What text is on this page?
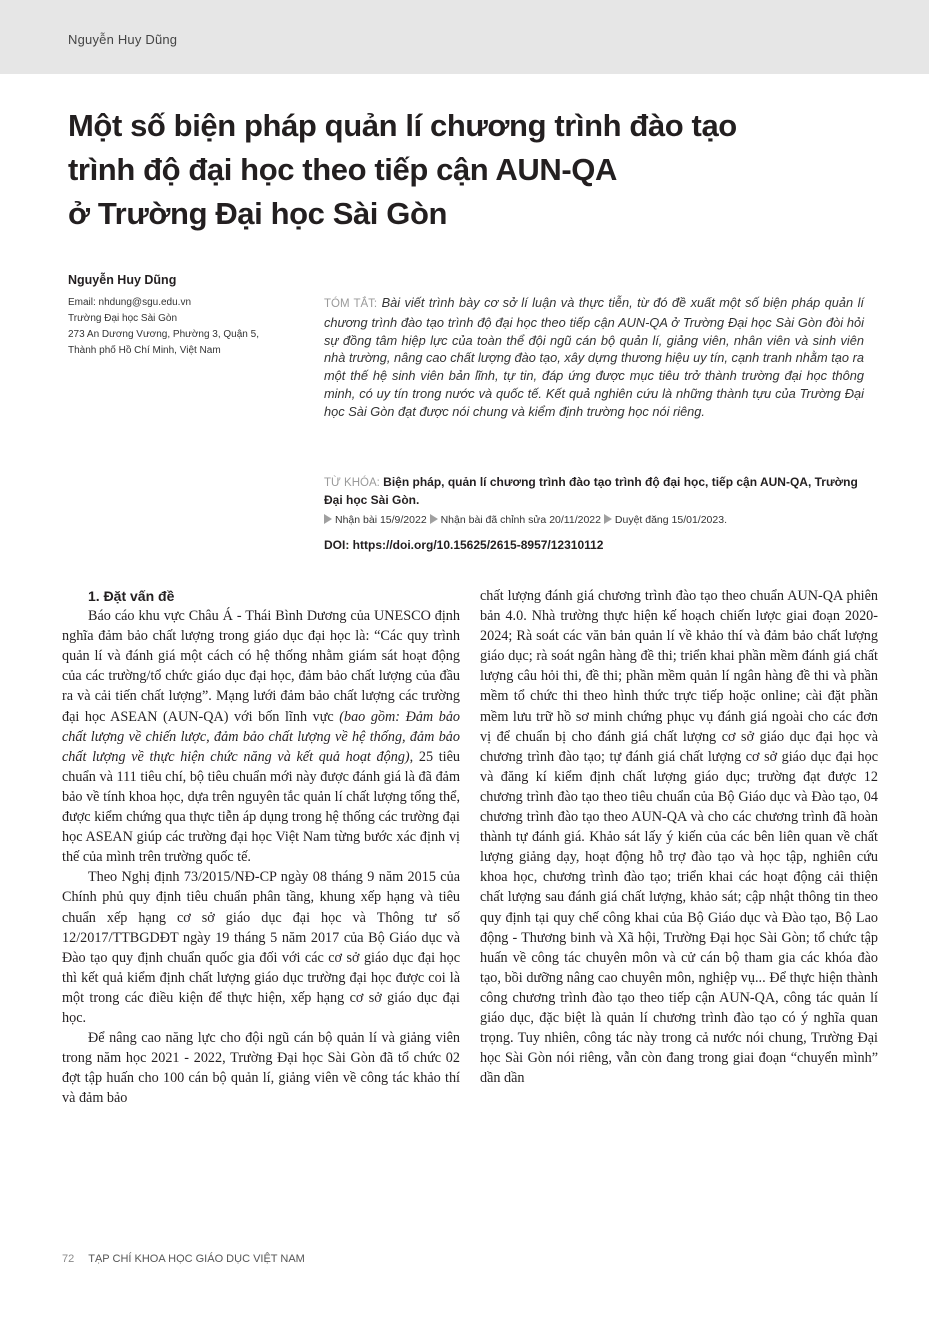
Nguyễn Huy Dũng
Một số biện pháp quản lí chương trình đào tạo
trình độ đại học theo tiếp cận AUN-QA
ở Trường Đại học Sài Gòn
Nguyễn Huy Dũng
Email: nhdung@sgu.edu.vn
Trường Đại học Sài Gòn
273 An Dương Vương, Phường 3, Quận 5,
Thành phố Hồ Chí Minh, Việt Nam
TÓM TẮT: Bài viết trình bày cơ sở lí luận và thực tiễn, từ đó đề xuất một số biện pháp quản lí chương trình đào tạo trình độ đại học theo tiếp cận AUN-QA ở Trường Đại học Sài Gòn đòi hỏi sự đồng tâm hiệp lực của toàn thể đội ngũ cán bộ quản lí, giảng viên, nhân viên và sinh viên nhà trường, nâng cao chất lượng đào tạo, xây dựng thương hiệu uy tín, cạnh tranh nhằm tạo ra một thế hệ sinh viên bản lĩnh, tự tin, đáp ứng được mục tiêu trở thành trường đại học thông minh, có uy tín trong nước và quốc tế. Kết quả nghiên cứu là những thành tựu của Trường Đại học Sài Gòn đạt được nói chung và kiểm định trường học nói riêng.
TỪ KHÓA: Biện pháp, quản lí chương trình đào tạo trình độ đại học, tiếp cận AUN-QA, Trường Đại học Sài Gòn.
Nhận bài 15/9/2022 Nhận bài đã chỉnh sửa 20/11/2022 Duyệt đăng 15/01/2023.
DOI: https://doi.org/10.15625/2615-8957/12310112
1. Đặt vấn đề

Báo cáo khu vực Châu Á - Thái Bình Dương của UNESCO định nghĩa đảm bảo chất lượng trong giáo dục đại học là: “Các quy trình quản lí và đánh giá một cách có hệ thống nhằm giám sát hoạt động của các trường/tổ chức giáo dục đại học, đảm bảo chất lượng của đầu ra và cải tiến chất lượng”. Mạng lưới đảm bảo chất lượng các trường đại học ASEAN (AUN-QA) với bốn lĩnh vực (bao gồm: Đảm bảo chất lượng về chiến lược, đảm bảo chất lượng về hệ thống, đảm bảo chất lượng về thực hiện chức năng và kết quả hoạt động), 25 tiêu chuẩn và 111 tiêu chí, bộ tiêu chuẩn mới này được đánh giá là đã đảm bảo về tính khoa học, dựa trên nguyên tắc quản lí chất lượng tổng thể, được kiểm chứng qua thực tiễn áp dụng trong hệ thống các trường đại học ASEAN giúp các trường đại học Việt Nam từng bước xác định vị thế của mình trên trường quốc tế.

Theo Nghị định 73/2015/NĐ-CP ngày 08 tháng 9 năm 2015 của Chính phủ quy định tiêu chuẩn phân tầng, khung xếp hạng và tiêu chuẩn xếp hạng cơ sở giáo dục đại học và Thông tư số 12/2017/TTBGDĐT ngày 19 tháng 5 năm 2017 của Bộ Giáo dục và Đào tạo quy định chuẩn quốc gia đối với các cơ sở giáo dục đại học thì kết quả kiểm định chất lượng giáo dục trường đại học được coi là một trong các điều kiện để thực hiện, xếp hạng cơ sở giáo dục đại học.

Để nâng cao năng lực cho đội ngũ cán bộ quản lí và giảng viên trong năm học 2021 - 2022, Trường Đại học Sài Gòn đã tổ chức 02 đợt tập huấn cho 100 cán bộ quản lí, giảng viên về công tác khảo thí và đảm bảo

chất lượng đánh giá chương trình đào tạo theo chuẩn AUN-QA phiên bản 4.0. Nhà trường thực hiện kế hoạch chiến lược giai đoạn 2020-2024; Rà soát các văn bản quản lí về khảo thí và đảm bảo chất lượng giáo dục; rà soát ngân hàng đề thi; triển khai phần mềm đánh giá chất lượng câu hỏi thi, đề thi; phần mềm quản lí ngân hàng đề thi và phần mềm tổ chức thi theo hình thức trực tiếp hoặc online; cài đặt phần mềm lưu trữ hồ sơ minh chứng phục vụ đánh giá ngoài cho các đơn vị để chuẩn bị cho đánh giá chất lượng cơ sở giáo dục đại học và chương trình đào tạo; tự đánh giá chất lượng cơ sở giáo dục đại học và đăng kí kiểm định chất lượng giáo dục; trường đạt được 12 chương trình đào tạo theo tiêu chuẩn của Bộ Giáo dục và Đào tạo, 04 chương trình đào tạo theo AUN-QA và cho các chương trình đã hoàn thành tự đánh giá. Khảo sát lấy ý kiến của các bên liên quan về chất lượng giảng dạy, hoạt động hỗ trợ đào tạo và học tập, nghiên cứu khoa học, chương trình đào tạo; triển khai các hoạt động cải thiện chất lượng sau đánh giá chất lượng, khảo sát; cập nhật thông tin theo quy định tại quy chế công khai của Bộ Giáo dục và Đào tạo, Bộ Lao động - Thương binh và Xã hội, Trường Đại học Sài Gòn; tổ chức tập huấn về công tác chuyên môn và cử cán bộ tham gia các khóa đào tạo, bồi dưỡng nâng cao chuyên môn, nghiệp vụ... Để thực hiện thành công chương trình đào tạo theo tiếp cận AUN-QA, công tác quản lí giáo dục, đặc biệt là quản lí chương trình đào tạo có ý nghĩa quan trọng. Tuy nhiên, công tác này trong cả nước nói chung, Trường Đại học Sài Gòn nói riêng, vẫn còn đang trong giai đoạn “chuyển mình” dần dần

72 TẠP CHÍ KHOA HỌC GIÁO DỤC VIỆT NAM
